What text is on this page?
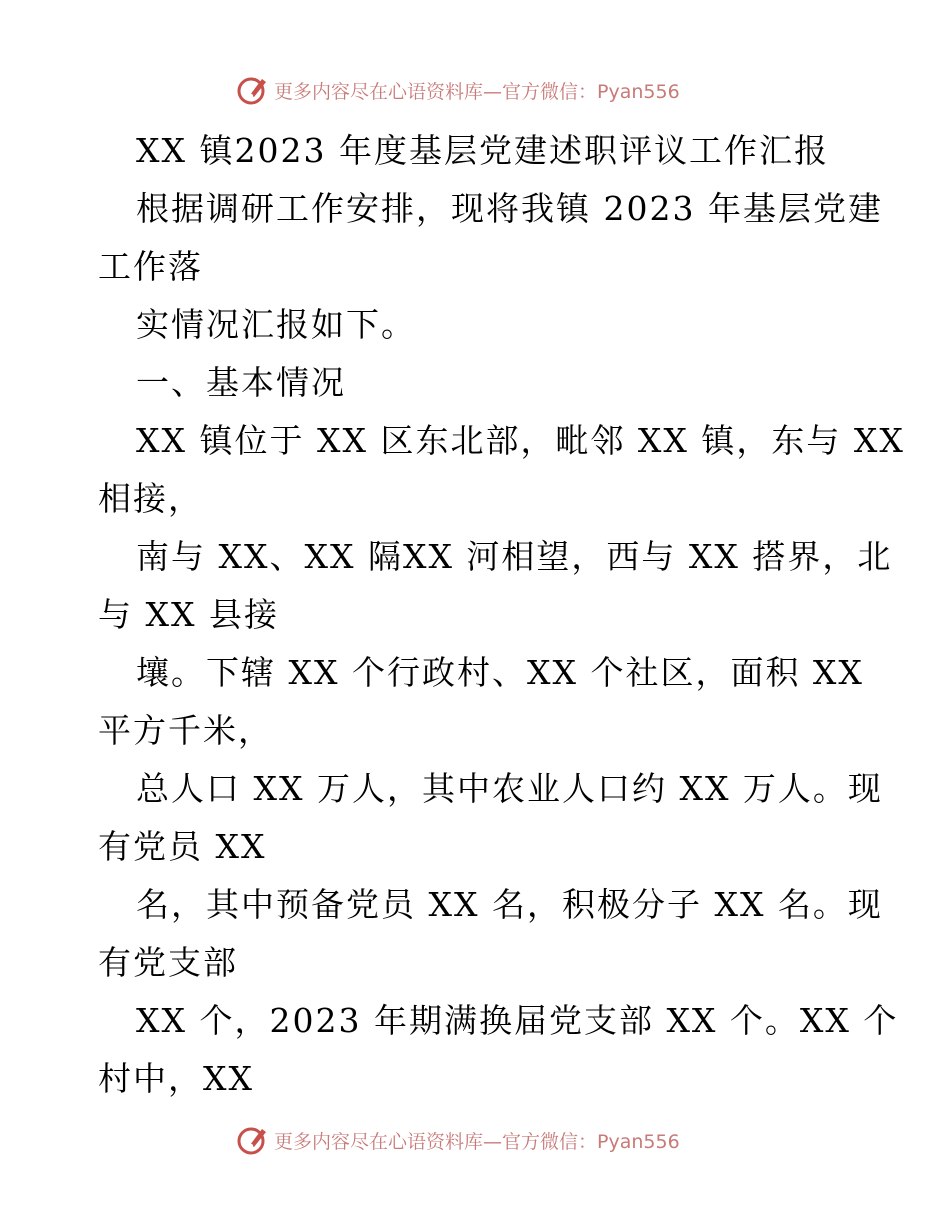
更多内容尽在心语资料库—官方微信：Pyan556
XX 镇2023 年度基层党建述职评议工作汇报
根据调研工作安排，现将我镇 2023 年基层党建
工作落
实情况汇报如下。
一、基本情况
XX 镇位于 XX 区东北部，毗邻 XX 镇，东与 XX
相接，
南与 XX、XX 隔XX 河相望，西与 XX 搭界，北
与 XX 县接
壤。下辖 XX 个行政村、XX 个社区，面积 XX
平方千米，
总人口 XX 万人，其中农业人口约 XX 万人。现
有党员 XX
名，其中预备党员 XX 名，积极分子 XX 名。现
有党支部
XX 个，2023 年期满换届党支部 XX 个。XX 个
村中，XX
更多内容尽在心语资料库—官方微信：Pyan556
